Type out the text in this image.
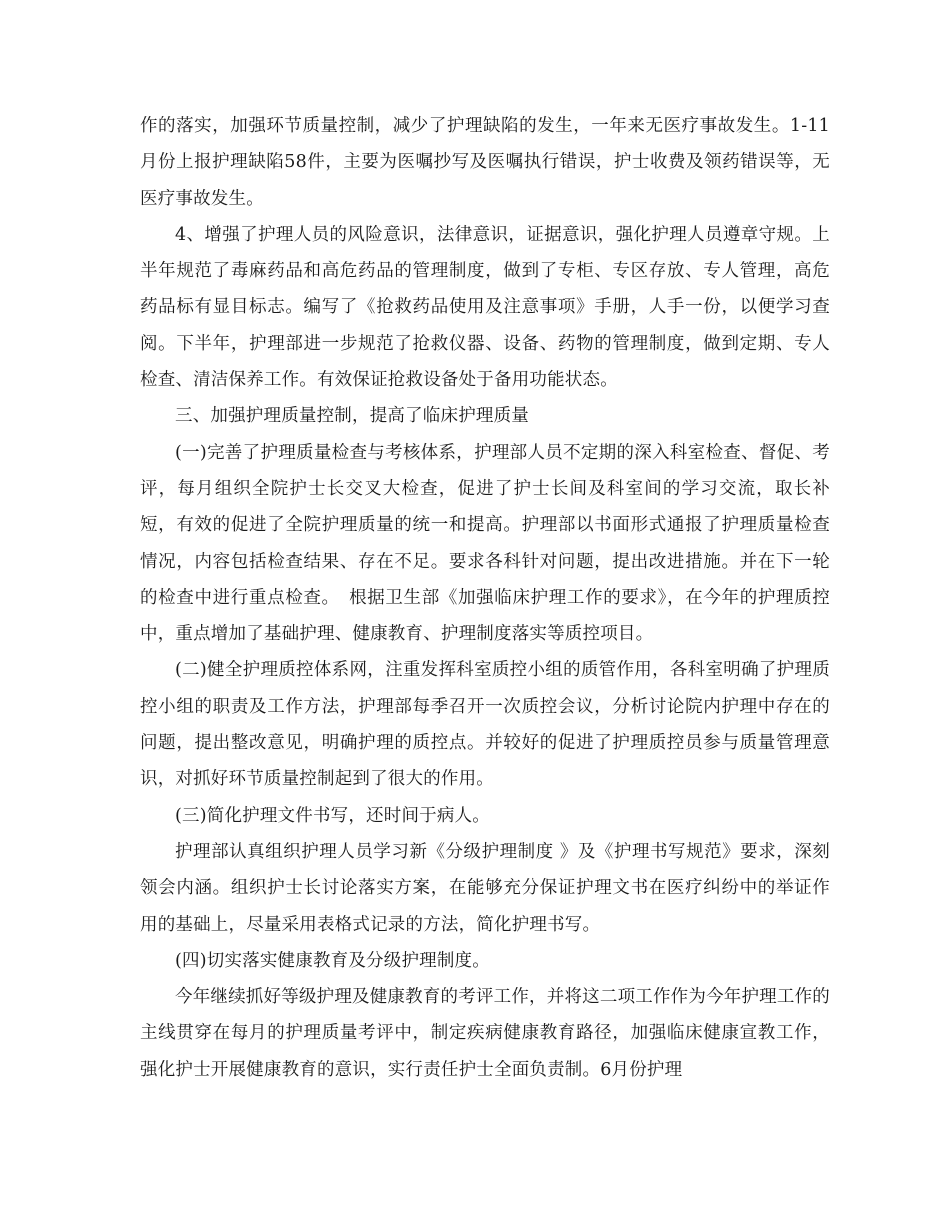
作的落实，加强环节质量控制，减少了护理缺陷的发生，一年来无医疗事故发生。1-11月份上报护理缺陷58件，主要为医嘱抄写及医嘱执行错误，护士收费及领药错误等，无医疗事故发生。

4、增强了护理人员的风险意识，法律意识，证据意识，强化护理人员遵章守规。上半年规范了毒麻药品和高危药品的管理制度，做到了专柜、专区存放、专人管理，高危药品标有显目标志。编写了《抢救药品使用及注意事项》手册，人手一份，以便学习查阅。下半年，护理部进一步规范了抢救仪器、设备、药物的管理制度，做到定期、专人检查、清洁保养工作。有效保证抢救设备处于备用功能状态。

三、加强护理质量控制，提高了临床护理质量

(一)完善了护理质量检查与考核体系，护理部人员不定期的深入科室检查、督促、考评，每月组织全院护士长交叉大检查，促进了护士长间及科室间的学习交流，取长补短，有效的促进了全院护理质量的统一和提高。护理部以书面形式通报了护理质量检查情况，内容包括检查结果、存在不足。要求各科针对问题，提出改进措施。并在下一轮的检查中进行重点检查。　根据卫生部《加强临床护理工作的要求》，在今年的护理质控中，重点增加了基础护理、健康教育、护理制度落实等质控项目。

(二)健全护理质控体系网，注重发挥科室质控小组的质管作用，各科室明确了护理质控小组的职责及工作方法，护理部每季召开一次质控会议，分析讨论院内护理中存在的问题，提出整改意见，明确护理的质控点。并较好的促进了护理质控员参与质量管理意识，对抓好环节质量控制起到了很大的作用。

(三)简化护理文件书写，还时间于病人。

护理部认真组织护理人员学习新《分级护理制度 》及《护理书写规范》要求，深刻领会内涵。组织护士长讨论落实方案，在能够充分保证护理文书在医疗纠纷中的举证作用的基础上，尽量采用表格式记录的方法，简化护理书写。

(四)切实落实健康教育及分级护理制度。

今年继续抓好等级护理及健康教育的考评工作，并将这二项工作作为今年护理工作的主线贯穿在每月的护理质量考评中，制定疾病健康教育路径，加强临床健康宣教工作，强化护士开展健康教育的意识，实行责任护士全面负责制。6月份护理
